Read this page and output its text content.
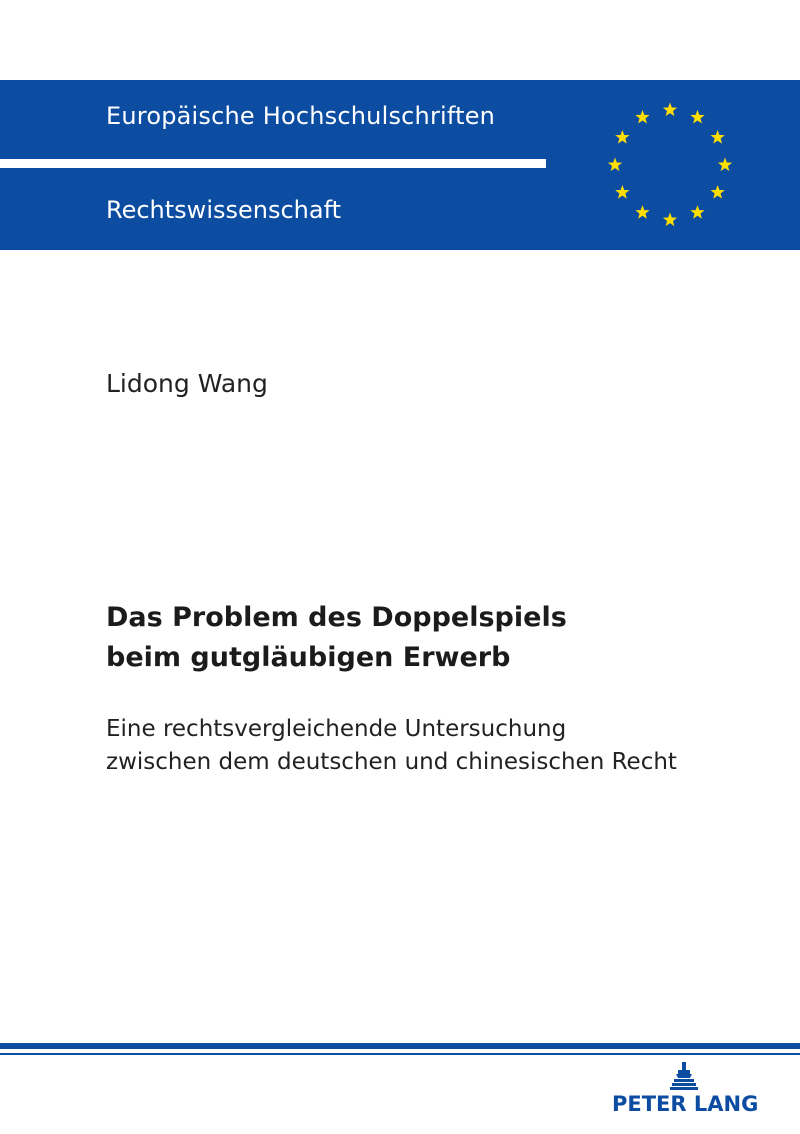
Europäische Hochschulschriften
Rechtswissenschaft
Lidong Wang
Das Problem des Doppelspiels
beim gutgläubigen Erwerb

Eine rechtsvergleichende Untersuchung
zwischen dem deutschen und chinesischen Recht

PETER LANG
